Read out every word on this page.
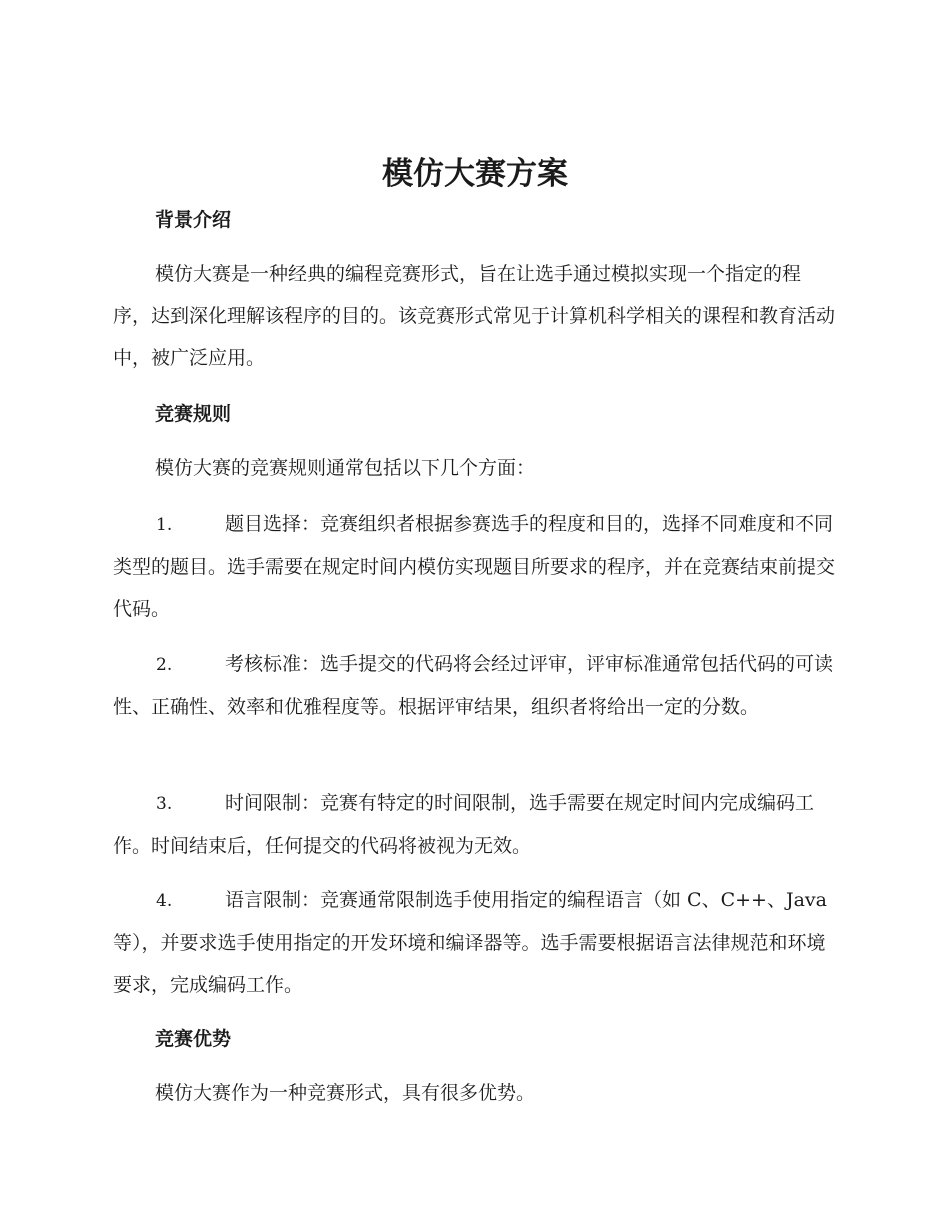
模仿大赛方案
背景介绍

模仿大赛是一种经典的编程竞赛形式，旨在让选手通过模拟实现一个指定的程序，达到深化理解该程序的目的。该竞赛形式常见于计算机科学相关的课程和教育活动中，被广泛应用。

竞赛规则

模仿大赛的竞赛规则通常包括以下几个方面：

1.	题目选择：竞赛组织者根据参赛选手的程度和目的，选择不同难度和不同类型的题目。选手需要在规定时间内模仿实现题目所要求的程序，并在竞赛结束前提交代码。

2.	考核标准：选手提交的代码将会经过评审，评审标准通常包括代码的可读性、正确性、效率和优雅程度等。根据评审结果，组织者将给出一定的分数。

3.	时间限制：竞赛有特定的时间限制，选手需要在规定时间内完成编码工作。时间结束后，任何提交的代码将被视为无效。

4.	语言限制：竞赛通常限制选手使用指定的编程语言（如 C、C++、Java 等），并要求选手使用指定的开发环境和编译器等。选手需要根据语言法律规范和环境要求，完成编码工作。

竞赛优势

模仿大赛作为一种竞赛形式，具有很多优势。
